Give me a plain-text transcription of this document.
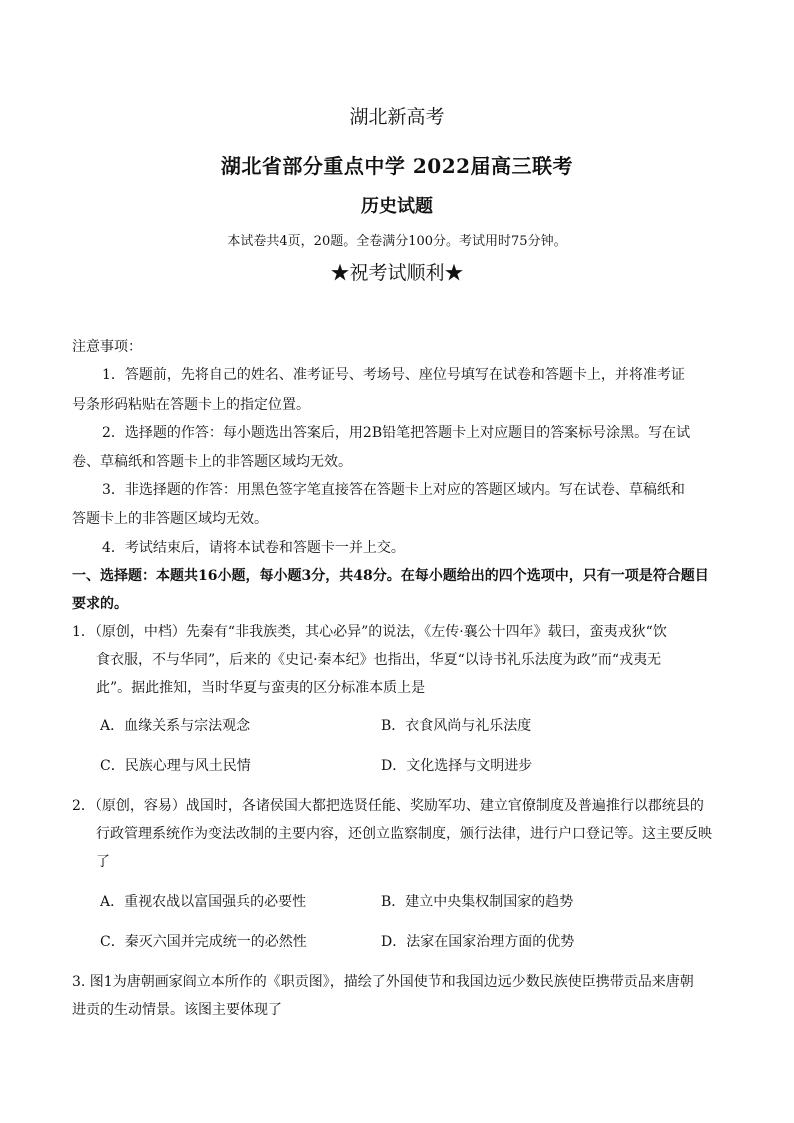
湖北新高考
湖北省部分重点中学 2022届高三联考
历史试题
本试卷共4页，20题。全卷满分100分。考试用时75分钟。
★祝考试顺利★
注意事项：
1．答题前，先将自己的姓名、准考证号、考场号、座位号填写在试卷和答题卡上，并将准考证
号条形码粘贴在答题卡上的指定位置。
2．选择题的作答：每小题选出答案后，用2B铅笔把答题卡上对应题目的答案标号涂黑。写在试
卷、草稿纸和答题卡上的非答题区域均无效。
3．非选择题的作答：用黑色签字笔直接答在答题卡上对应的答题区域内。写在试卷、草稿纸和
答题卡上的非答题区域均无效。
4．考试结束后，请将本试卷和答题卡一并上交。
一、选择题：本题共16小题，每小题3分，共48分。在每小题给出的四个选项中，只有一项是符合题目
要求的。
1．（原创，中档）先秦有“非我族类，其心必异”的说法，《左传·襄公十四年》载曰，蛮夷戎狄“饮
食衣服，不与华同”，后来的《史记·秦本纪》也指出，华夏“以诗书礼乐法度为政”而“戎夷无
此”。据此推知，当时华夏与蛮夷的区分标准本质上是
A．血缘关系与宗法观念	B．衣食风尚与礼乐法度
C．民族心理与风土民情	D．文化选择与文明进步
2．（原创，容易）战国时，各诸侯国大都把选贤任能、奖励军功、建立官僚制度及普遍推行以郡统县的
行政管理系统作为变法改制的主要内容，还创立监察制度，颁行法律，进行户口登记等。这主要反映
了
A．重视农战以富国强兵的必要性	B．建立中央集权制国家的趋势
C．秦灭六国并完成统一的必然性	D．法家在国家治理方面的优势
3. 图1为唐朝画家阎立本所作的《职贡图》，描绘了外国使节和我国边远少数民族使臣携带贡品来唐朝
进贡的生动情景。该图主要体现了
